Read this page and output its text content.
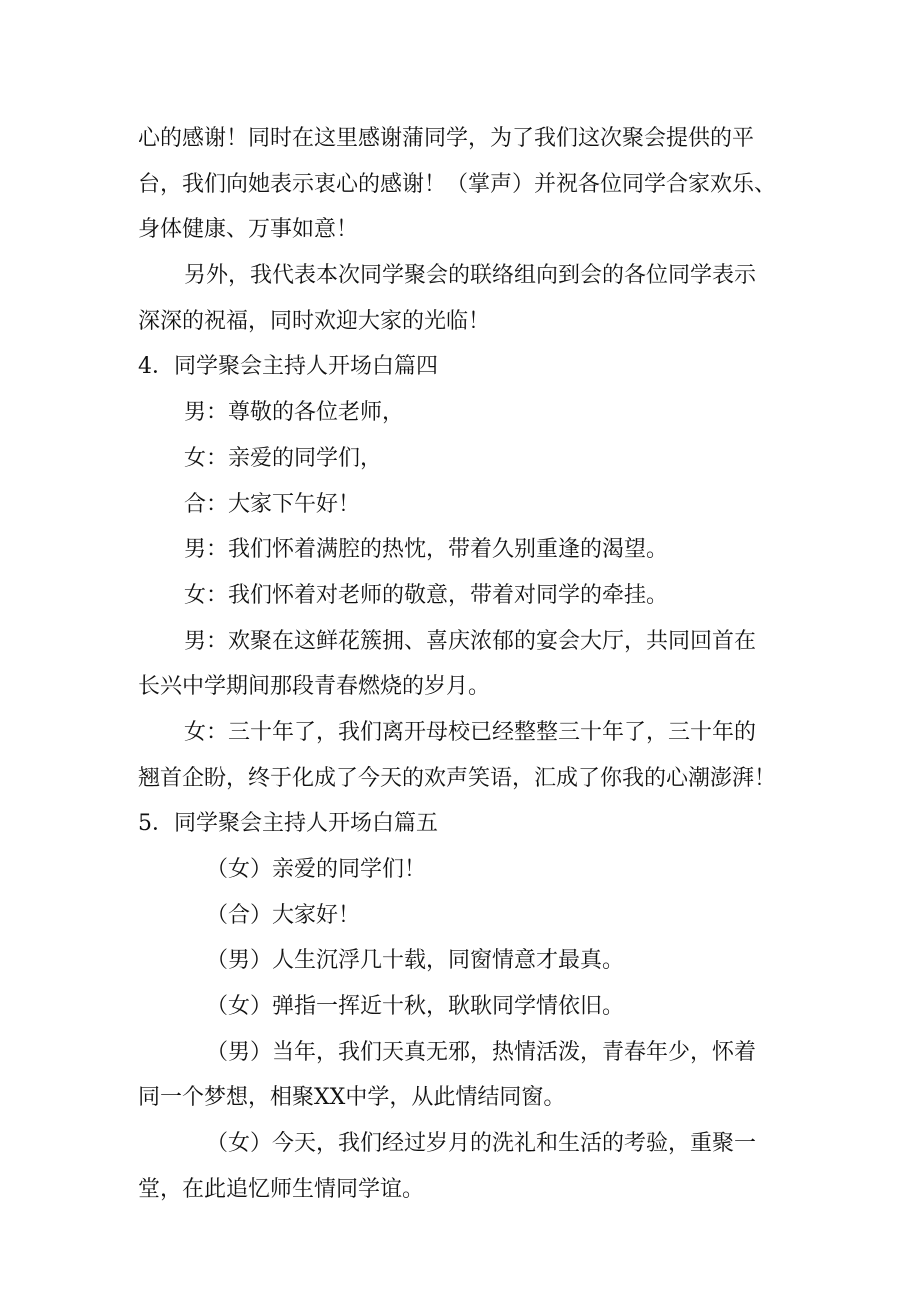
心的感谢！同时在这里感谢蒲同学，为了我们这次聚会提供的平
台，我们向她表示衷心的感谢！（掌声）并祝各位同学合家欢乐、
身体健康、万事如意！
另外，我代表本次同学聚会的联络组向到会的各位同学表示
深深的祝福，同时欢迎大家的光临！
4．同学聚会主持人开场白篇四
男：尊敬的各位老师，
女：亲爱的同学们，
合：大家下午好！
男：我们怀着满腔的热忱，带着久别重逢的渴望。
女：我们怀着对老师的敬意，带着对同学的牵挂。
男：欢聚在这鲜花簇拥、喜庆浓郁的宴会大厅，共同回首在
长兴中学期间那段青春燃烧的岁月。
女：三十年了，我们离开母校已经整整三十年了，三十年的
翘首企盼，终于化成了今天的欢声笑语，汇成了你我的心潮澎湃！
5．同学聚会主持人开场白篇五
（女）亲爱的同学们！
（合）大家好！
（男）人生沉浮几十载，同窗情意才最真。
（女）弹指一挥近十秋，耿耿同学情依旧。
（男）当年，我们天真无邪，热情活泼，青春年少，怀着
同一个梦想，相聚XX中学，从此情结同窗。
（女）今天，我们经过岁月的洗礼和生活的考验，重聚一
堂，在此追忆师生情同学谊。
